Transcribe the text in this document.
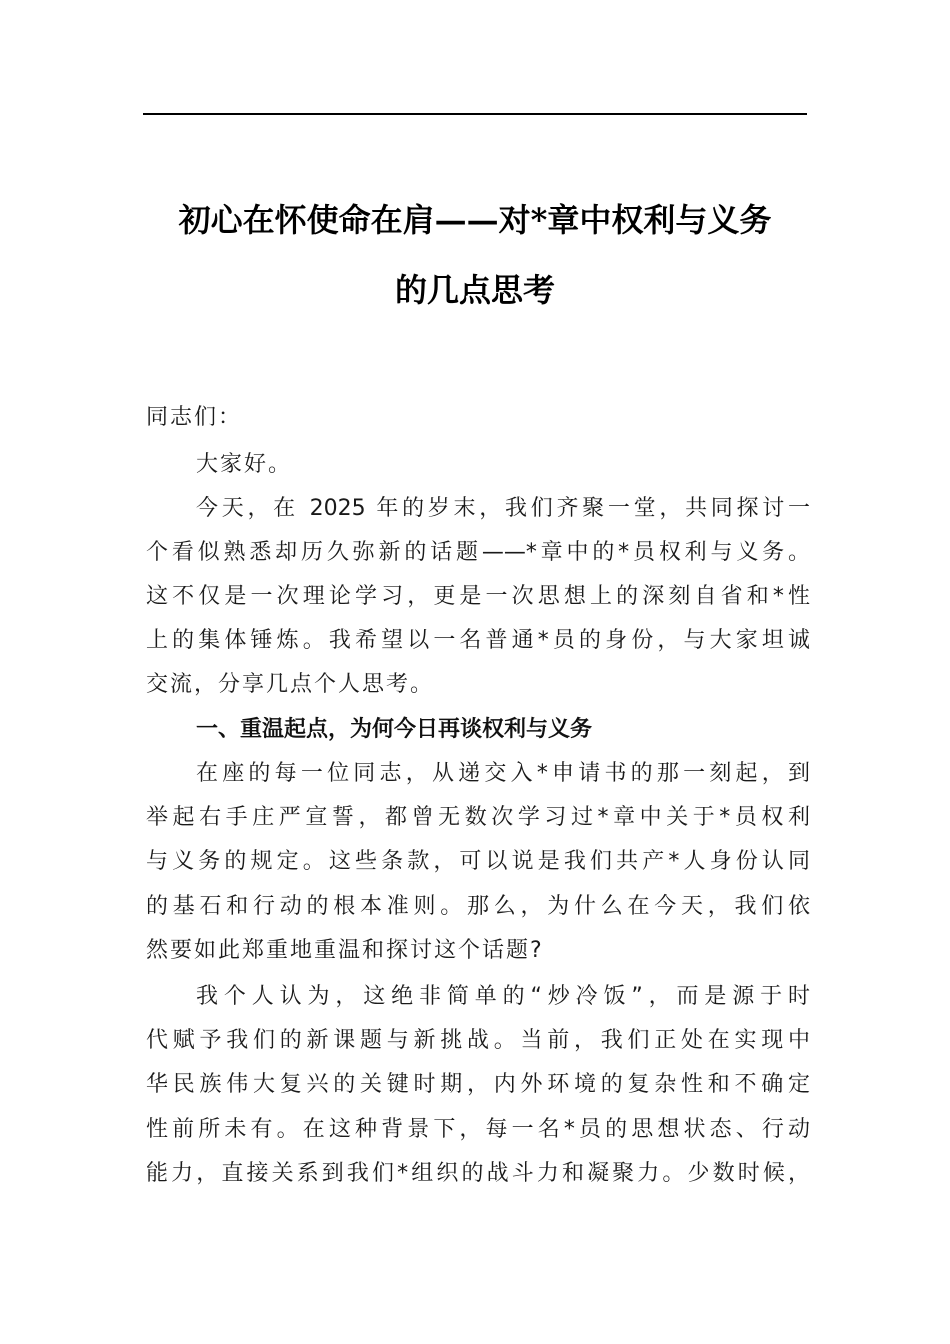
初心在怀使命在肩——对*章中权利与义务
的几点思考
同志们：
大家好。
今天，在 2025 年的岁末，我们齐聚一堂，共同探讨一
个看似熟悉却历久弥新的话题——*章中的*员权利与义务。
这不仅是一次理论学习，更是一次思想上的深刻自省和*性
上的集体锤炼。我希望以一名普通*员的身份，与大家坦诚
交流，分享几点个人思考。
一、重温起点，为何今日再谈权利与义务
在座的每一位同志，从递交入*申请书的那一刻起，到
举起右手庄严宣誓，都曾无数次学习过*章中关于*员权利
与义务的规定。这些条款，可以说是我们共产*人身份认同
的基石和行动的根本准则。那么，为什么在今天，我们依
然要如此郑重地重温和探讨这个话题?
我个人认为，这绝非简单的“炒冷饭”，而是源于时
代赋予我们的新课题与新挑战。当前，我们正处在实现中
华民族伟大复兴的关键时期，内外环境的复杂性和不确定
性前所未有。在这种背景下，每一名*员的思想状态、行动
能力，直接关系到我们*组织的战斗力和凝聚力。少数时候，
